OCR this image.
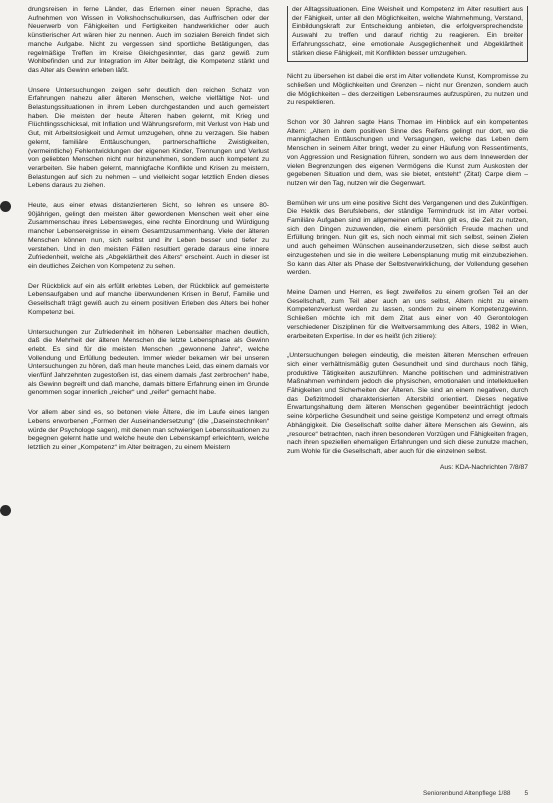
drungsreisen in ferne Länder, das Erlernen einer neuen Sprache, das Aufnehmen von Wissen in Volkshochschulkursen, das Auffrischen oder der Neuerwerb von Fähigkeiten und Fertigkeiten handwerklicher oder auch künstlerischer Art wären hier zu nennen. Auch im sozialen Bereich findet sich manche Aufgabe. Nicht zu vergessen sind sportliche Betätigungen, das regelmäßige Treffen im Kreise Gleichgesinnter, das ganz gewiß zum Wohlbefinden und zur Integration im Alter beiträgt, die Kompetenz stärkt und das Alter als Gewinn erleben läßt.

Unsere Untersuchungen zeigen sehr deutlich den reichen Schatz von Erfahrungen nahezu aller älteren Menschen, welche vielfältige Not- und Belastungssituationen in ihrem Leben durchgestanden und auch gemeistert haben. Die meisten der heute Älteren haben gelernt, mit Krieg und Flüchtlingsschicksal, mit Inflation und Währungsreform, mit Verlust von Hab und Gut, mit Arbeitslosigkeit und Armut umzugehen, ohne zu verzagen. Sie haben gelernt, familiäre Enttäuschungen, partnerschaftliche Zwistigkeiten, (vermeintliche) Fehlentwicklungen der eigenen Kinder, Trennungen und Verlust von geliebten Menschen nicht nur hinzunehmen, sondern auch kompetent zu verarbeiten. Sie haben gelernt, mannigfache Konflikte und Krisen zu meistern, Belastungen auf sich zu nehmen – und vielleicht sogar letztlich Enden dieses Lebens daraus zu ziehen.

Heute, aus einer etwas distanzierteren Sicht, so lehren es unsere 80- 90jährigen, gelingt den meisten älter gewordenen Menschen weit eher eine Zusammenschau ihres Lebensweges, eine rechte Einordnung und Würdigung mancher Lebensereignisse in einem Gesamtzusammenhang. Viele der älteren Menschen können nun, sich selbst und ihr Leben besser und tiefer zu verstehen. Und in den meisten Fällen resultiert gerade daraus eine innere Zufriedenheit, welche als „Abgeklärtheit des Alters“ erscheint. Auch in dieser ist ein deutliches Zeichen von Kompetenz zu sehen.

Der Rückblick auf ein als erfüllt erlebtes Leben, der Rückblick auf gemeisterte Lebensaufgaben und auf manche überwundenen Krisen in Beruf, Familie und Gesellschaft trägt gewiß auch zu einem positiven Erleben des Alters bei hoher Kompetenz bei.

Untersuchungen zur Zufriedenheit im höheren Lebensalter machen deutlich, daß die Mehrheit der älteren Menschen die letzte Lebensphase als Gewinn erlebt. Es sind für die meisten Menschen „gewonnene Jahre“, welche Vollendung und Erfüllung bedeuten. Immer wieder bekamen wir bei unseren Untersuchungen zu hören, daß man heute manches Leid, das einem damals vor vier/fünf Jahrzehnten zugestoßen ist, das einem damals „fast zerbrochen“ habe, als Gewinn begreift und daß manche, damals bittere Erfahrung einen im Grunde genommen sogar innerlich „reicher“ und „reifer“ gemacht habe.

Vor allem aber sind es, so betonen viele Ältere, die im Laufe eines langen Lebens erworbenen „Formen der Auseinandersetzung“ (die „Daseinstechniken“ würde der Psychologe sagen), mit denen man schwierigen Lebenssituationen zu begegnen gelernt hatte und welche heute den Lebenskampf erleichtern, welche letztlich zu einer „Kompetenz“ im Alter beitragen, zu einem Meistern

der Alltagssituationen. Eine Weisheit und Kompetenz im Alter resultiert aus der Fähigkeit, unter all den Möglichkeiten, welche Wahrnehmung, Verstand, Einbildungskraft zur Entscheidung anbieten, die erfolgversprechendste Auswahl zu treffen und darauf richtig zu reagieren. Ein breiter Erfahrungsschatz, eine emotionale Ausgeglichenheit und Abgeklärtheit stärken diese Fähigkeit, mit Konflikten besser umzugehen.

Nicht zu übersehen ist dabei die erst im Alter vollendete Kunst, Kompromisse zu schließen und Möglichkeiten und Grenzen – nicht nur Grenzen, sondern auch die Möglichkeiten – des derzeitigen Lebensraumes aufzuspüren, zu nutzen und zu respektieren.

Schon vor 30 Jahren sagte Hans Thomae im Hinblick auf ein kompetentes Altern: „Altern in dem positiven Sinne des Reifens gelingt nur dort, wo die mannigfachen Enttäuschungen und Versagungen, welche das Leben dem Menschen in seinem Alter bringt, weder zu einer Häufung von Ressentiments, von Aggression und Resignation führen, sondern wo aus dem Innewerden der vielen Begrenzungen des eigenen Vermögens die Kunst zum Auskosten der gegebenen Situation und dem, was sie bietet, entsteht“ (Zitat) Carpe diem – nutzen wir den Tag, nutzen wir die Gegenwart.

Bemühen wir uns um eine positive Sicht des Vergangenen und des Zukünftigen. Die Hektik des Berufslebens, der ständige Termindruck ist im Alter vorbei. Familiäre Aufgaben sind im allgemeinen erfüllt. Nun gilt es, die Zeit zu nutzen, sich den Dingen zuzuwenden, die einem persönlich Freude machen und Erfüllung bringen. Nun gilt es, sich noch einmal mit sich selbst, seinen Zielen und auch geheimen Wünschen auseinanderzusetzen, sich diese selbst auch einzugestehen und sie in die weitere Lebensplanung mutig mit einzubeziehen. So kann das Alter als Phase der Selbstverwirklichung, der Vollendung gesehen werden.

Meine Damen und Herren, es liegt zweifellos zu einem großen Teil an der Gesellschaft, zum Teil aber auch an uns selbst, Altern nicht zu einem Kompetenzverlust werden zu lassen, sondern zu einem Kompetenzgewinn. Schließen möchte ich mit dem Zitat aus einer von 40 Gerontologen verschiedener Disziplinen für die Weltversammlung des Alters, 1982 in Wien, erarbeiteten Expertise. In der es heißt (ich zitiere):

„Untersuchungen belegen eindeutig, die meisten älteren Menschen erfreuen sich einer verhältnismäßig guten Gesundheit und sind durchaus noch fähig, produktive Tätigkeiten auszuführen. Manche politischen und administrativen Maßnahmen verhindern jedoch die physischen, emotionalen und intellektuellen Fähigkeiten und Sicherheiten der Älteren. Sie sind an einem negativen, durch das Defizitmodell charakterisierten Altersbild orientiert. Dieses negative Erwartungshaltung dem älteren Menschen gegenüber beeinträchtigt jedoch seine körperliche Gesundheit und seine geistige Kompetenz und erregt oftmals Abhängigkeit. Die Gesellschaft sollte daher ältere Menschen als Gewinn, als „resource“ betrachten, nach ihren besonderen Vorzügen und Fähigkeiten fragen, nach ihren speziellen ehemaligen Erfahrungen und sich diese zunutze machen, zum Wohle für die Gesellschaft, aber auch für die einzelnen selbst.

Aus: KDA-Nachrichten 7/8/87

Seniorenbund Altenpflege 1/88 5
